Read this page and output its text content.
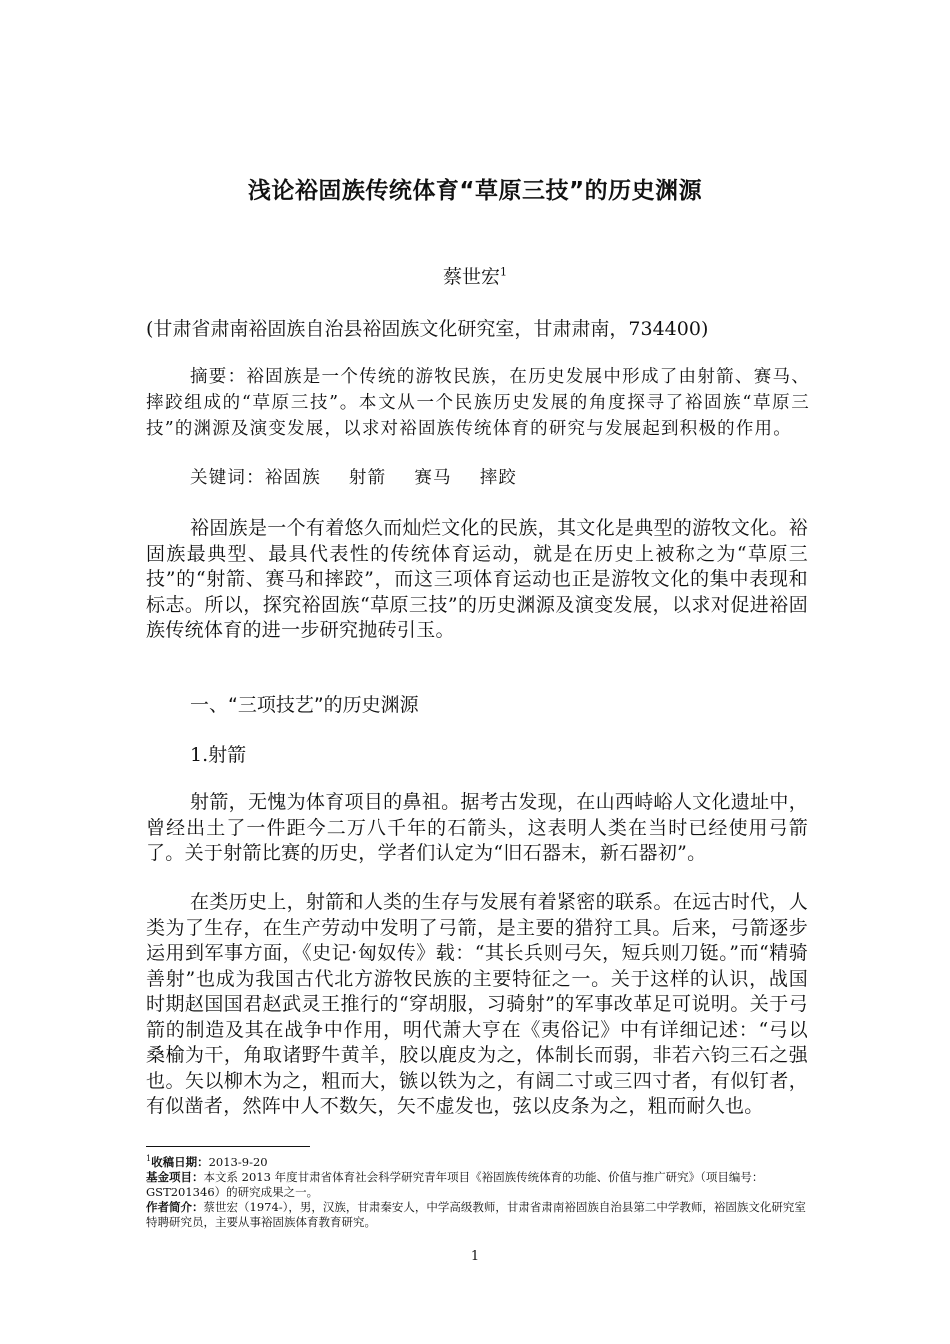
浅论裕固族传统体育“草原三技”的历史渊源
蔡世宏$^1$
(甘肃省肃南裕固族自治县裕固族文化研究室，甘肃肃南，734400)
摘要：裕固族是一个传统的游牧民族，在历史发展中形成了由射箭、赛马、摔跤组成的“草原三技”。本文从一个民族历史发展的角度探寻了裕固族“草原三技”的渊源及演变发展，以求对裕固族传统体育的研究与发展起到积极的作用。
关键词：裕固族 射箭 赛马 摔跤
裕固族是一个有着悠久而灿烂文化的民族，其文化是典型的游牧文化。裕固族最典型、最具代表性的传统体育运动，就是在历史上被称之为“草原三技”的“射箭、赛马和摔跤”，而这三项体育运动也正是游牧文化的集中表现和标志。所以，探究裕固族“草原三技”的历史渊源及演变发展，以求对促进裕固族传统体育的进一步研究抛砖引玉。
一、“三项技艺”的历史渊源
1.射箭
射箭，无愧为体育项目的鼻祖。据考古发现，在山西峙峪人文化遗址中，曾经出土了一件距今二万八千年的石箭头，这表明人类在当时已经使用弓箭了。关于射箭比赛的历史，学者们认定为“旧石器末，新石器初”。
在类历史上，射箭和人类的生存与发展有着紧密的联系。在远古时代，人类为了生存，在生产劳动中发明了弓箭，是主要的猎狩工具。后来，弓箭逐步运用到军事方面，《史记·匈奴传》载：“其长兵则弓矢，短兵则刀铤。”而“精骑善射”也成为我国古代北方游牧民族的主要特征之一。关于这样的认识，战国时期赵国国君赵武灵王推行的“穿胡服，习骑射”的军事改革足可说明。关于弓箭的制造及其在战争中作用，明代萧大亨在《夷俗记》中有详细记述：“弓以桑榆为干，角取诸野牛黄羊，胶以鹿皮为之，体制长而弱，非若六钧三石之强也。矢以柳木为之，粗而大，镞以铁为之，有阔二寸或三四寸者，有似钉者，有似凿者，然阵中人不数矢，矢不虚发也，弦以皮条为之，粗而耐久也。
$^1$收稿日期：2013-9-20
基金项目：本文系 2013 年度甘肃省体育社会科学研究青年项目《裕固族传统体育的功能、价值与推广研究》（项目编号：GST201346）的研究成果之一。
作者简介：蔡世宏（1974-），男，汉族，甘肃秦安人，中学高级教师，甘肃省肃南裕固族自治县第二中学教师，裕固族文化研究室特聘研究员，主要从事裕固族体育教育研究。
1
